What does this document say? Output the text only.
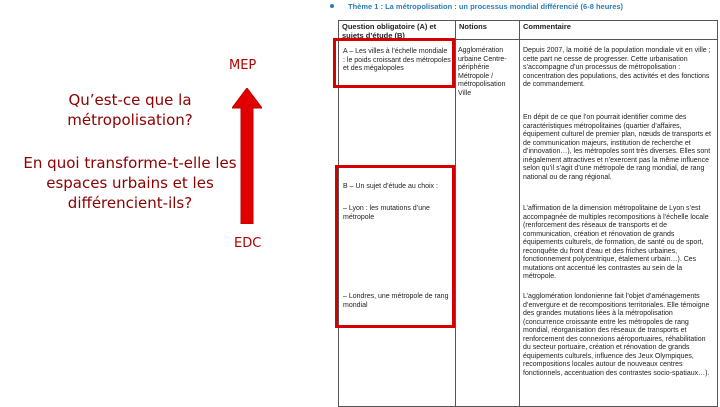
Qu’est-ce que la métropolisation?
En quoi transforme-t-elle les espaces urbains et les différencient-ils?
MEP
EDC
Thème 1 : La métropolisation : un processus mondial différencié (6-8 heures)
Question obligatoire (A) et sujets d’étude (B)
Notions	Commentaire
A – Les villes à l’échelle mondiale : le poids croissant des métropoles et des mégalopoles
Agglomération urbaine Centre-périphérie Métropole / métropolisation Ville
Depuis 2007, la moitié de la population mondiale vit en ville ; cette part ne cesse de progresser. Cette urbanisation s’accompagne d’un processus de métropolisation : concentration des populations, des activités et des fonctions de commandement.
En dépit de ce que l’on pourrait identifier comme des caractéristiques métropolitaines (quartier d’affaires, équipement culturel de premier plan, nœuds de transports et de communication majeurs, institution de recherche et d’innovation…), les métropoles sont très diverses. Elles sont inégalement attractives et n’exercent pas la même influence selon qu’il s’agit d’une métropole de rang mondial, de rang national ou de rang régional.
B – Un sujet d’étude au choix :
– Lyon : les mutations d’une métropole
– Londres, une métropole de rang mondial
L’affirmation de la dimension métropolitaine de Lyon s’est accompagnée de multiples recompositions à l’échelle locale (renforcement des réseaux de transports et de communication, création et rénovation de grands équipements culturels, de formation, de santé ou de sport, reconquête du front d’eau et des friches urbaines, fonctionnement polycentrique, étalement urbain…). Ces mutations ont accentué les contrastes au sein de la métropole.
L’agglomération londonienne fait l’objet d’aménagements d’envergure et de recompositions territoriales. Elle témoigne des grandes mutations liées à la métropolisation (concurrence croissante entre les métropoles de rang mondial, réorganisation des réseaux de transports et renforcement des connexions aéroportuaires, réhabilitation du secteur portuaire, création et rénovation de grands équipements culturels, influence des Jeux Olympiques, recompositions locales autour de nouveaux centres fonctionnels, accentuation des contrastes socio-spatiaux…).
